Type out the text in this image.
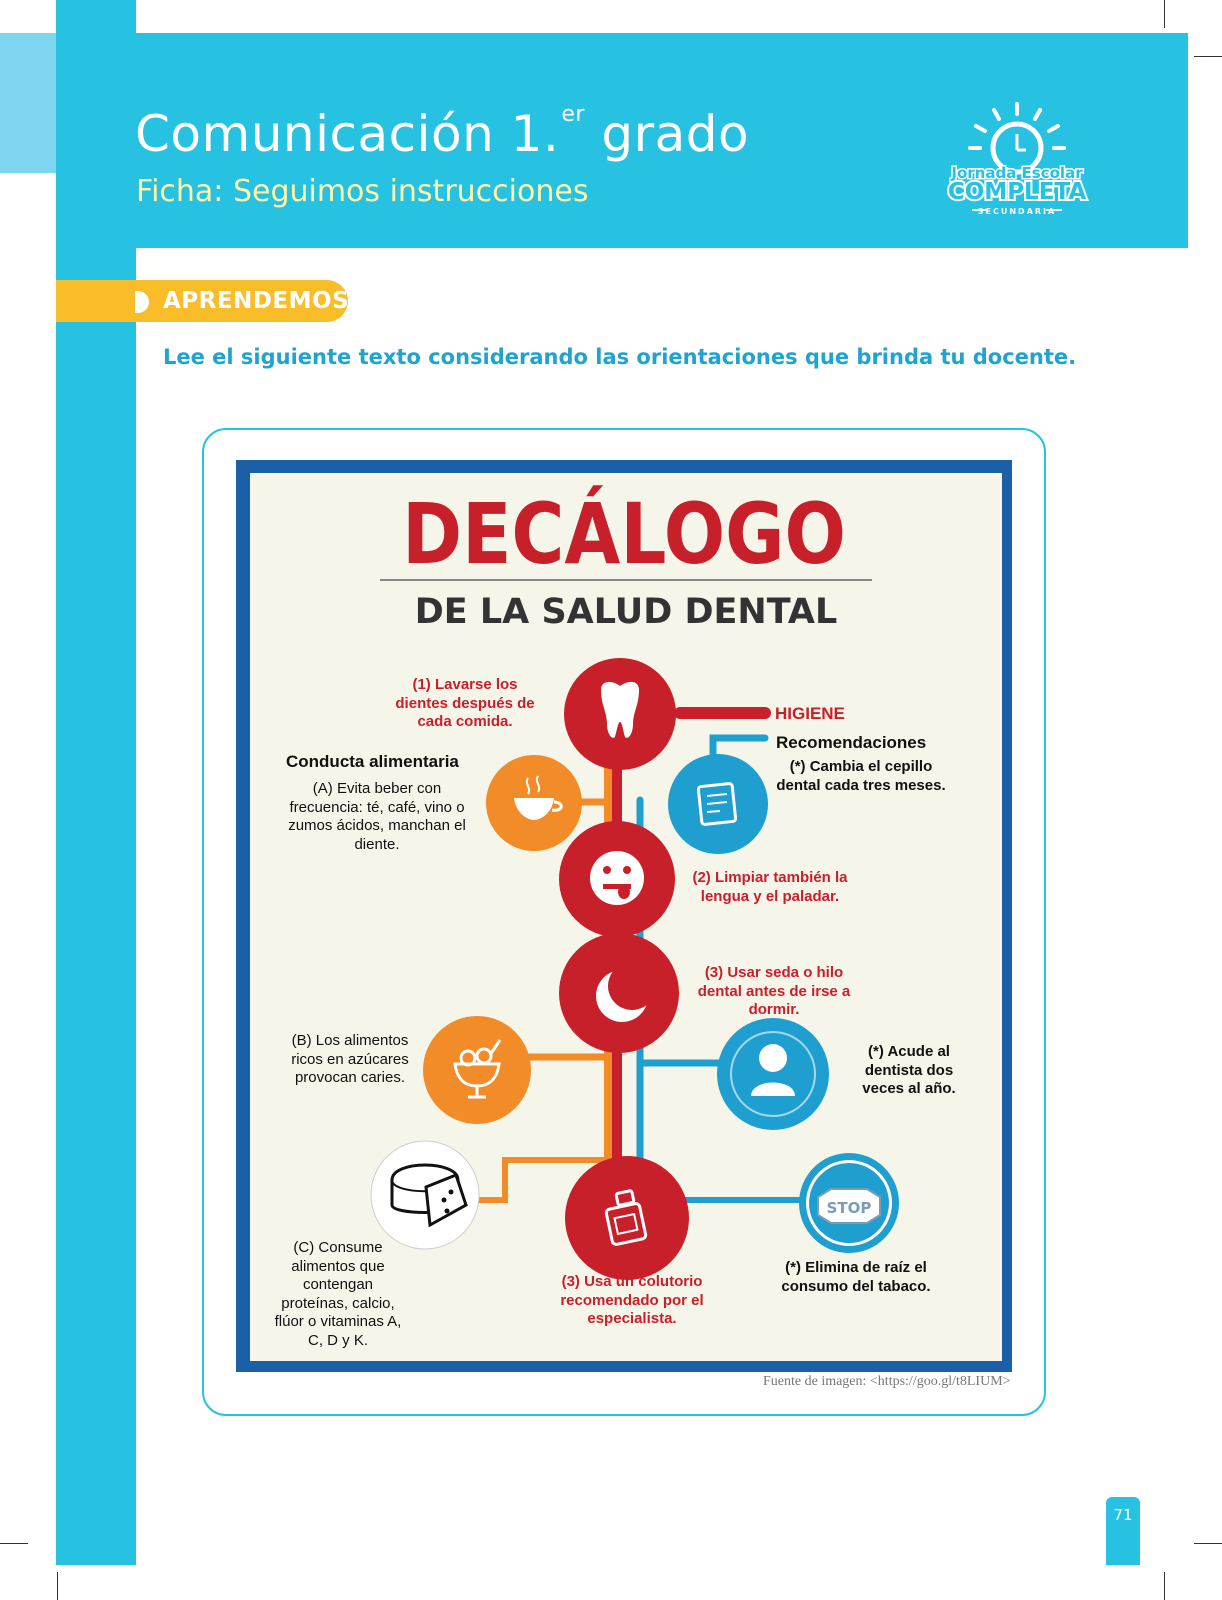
Comunicación 1.$^{er}$ grado
Ficha: Seguimos instrucciones
Jornada Escolar
COMPLETA
SECUNDARIA
APRENDEMOS
Lee el siguiente texto considerando las orientaciones que brinda tu docente.
DECÁLOGO
DE LA SALUD DENTAL
STOP
(1) Lavarse los dientes después de cada comida.	HIGIENE
Recomendaciones
(*) Cambia el cepillo dental cada tres meses.
Conducta alimentaria
(A) Evita beber con frecuencia: té, café, vino o zumos ácidos, manchan el diente.
(2) Limpiar también la lengua y el paladar.
(3) Usar seda o hilo dental antes de irse a dormir.
(B) Los alimentos ricos en azúcares provocan caries.
(*) Acude al dentista dos veces al año.
(C) Consume alimentos que contengan proteínas, calcio, flúor o vitaminas A, C, D y K.
(3) Usa un colutorio recomendado por el especialista.
(*) Elimina de raíz el consumo del tabaco.
Fuente de imagen: <https://goo.gl/t8LIUM>
71
